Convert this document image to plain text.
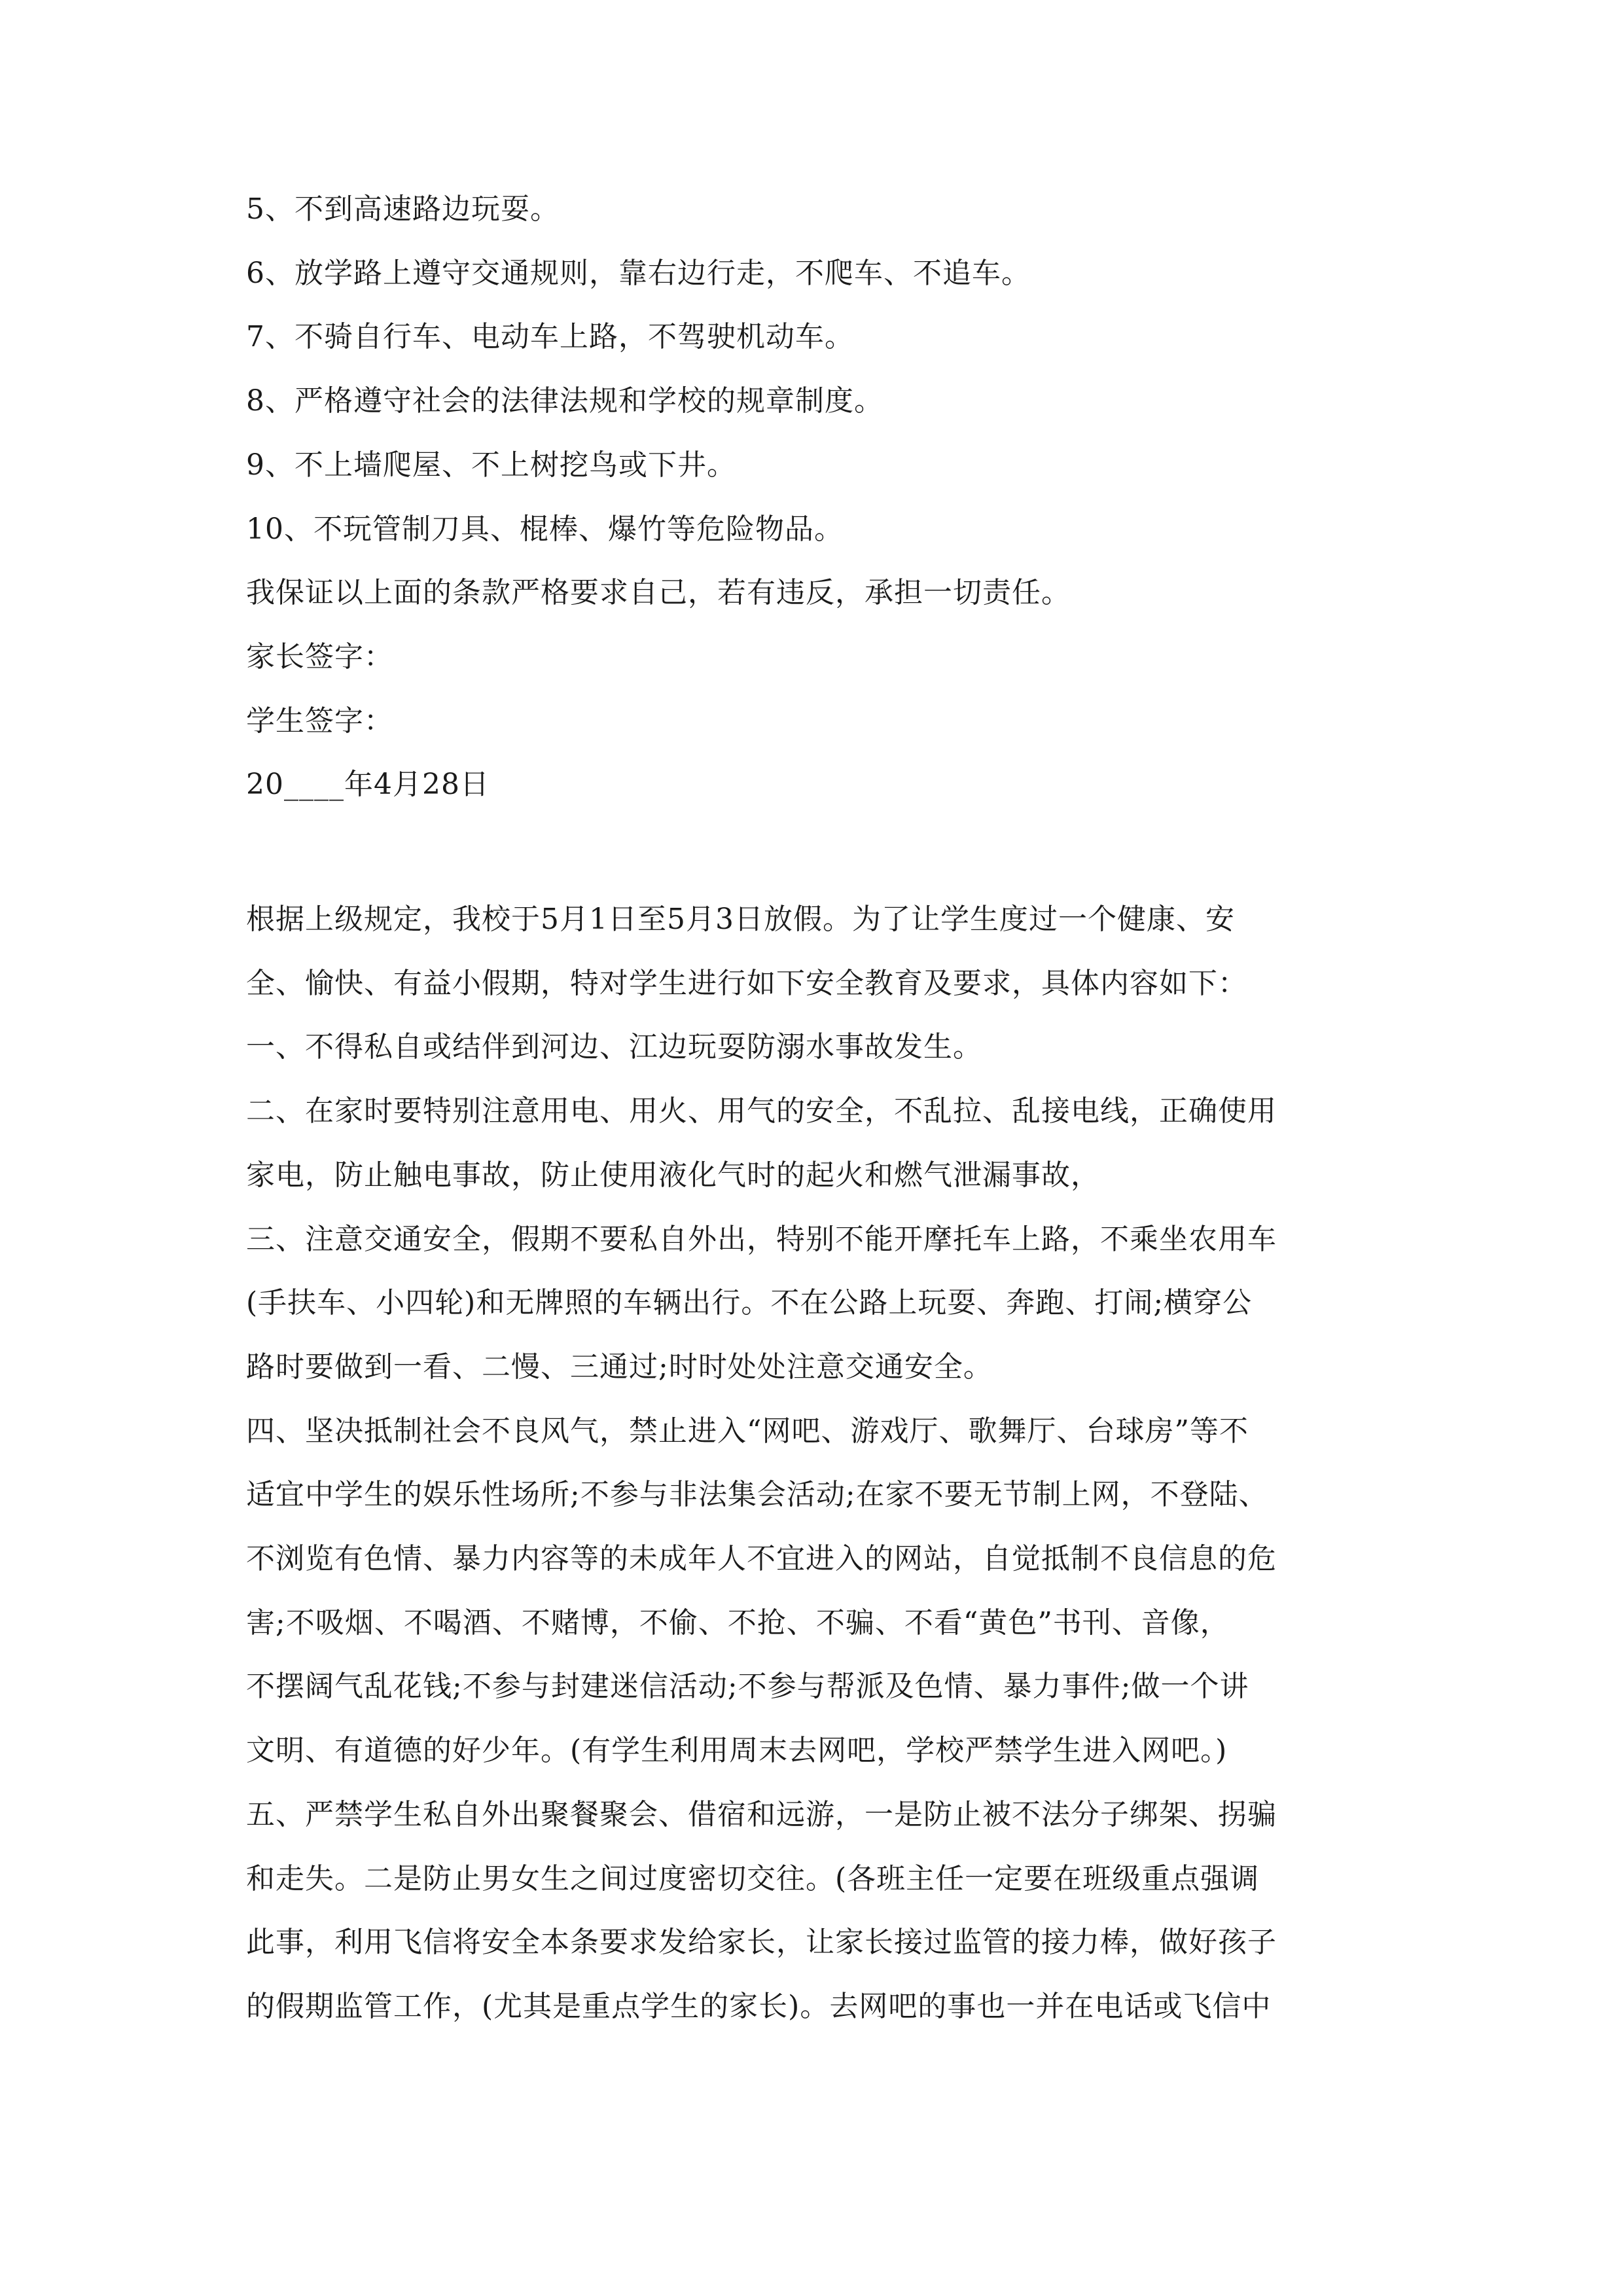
5、不到高速路边玩耍。
6、放学路上遵守交通规则，靠右边行走，不爬车、不追车。
7、不骑自行车、电动车上路，不驾驶机动车。
8、严格遵守社会的法律法规和学校的规章制度。
9、不上墙爬屋、不上树挖鸟或下井。
10、不玩管制刀具、棍棒、爆竹等危险物品。
我保证以上面的条款严格要求自己，若有违反，承担一切责任。
家长签字：
学生签字：
20____年4月28日
根据上级规定，我校于5月1日至5月3日放假。为了让学生度过一个健康、安
全、愉快、有益小假期，特对学生进行如下安全教育及要求，具体内容如下：
一、不得私自或结伴到河边、江边玩耍防溺水事故发生。
二、在家时要特别注意用电、用火、用气的安全，不乱拉、乱接电线，正确使用
家电，防止触电事故，防止使用液化气时的起火和燃气泄漏事故，
三、注意交通安全，假期不要私自外出，特别不能开摩托车上路，不乘坐农用车
(手扶车、小四轮)和无牌照的车辆出行。不在公路上玩耍、奔跑、打闹;横穿公
路时要做到一看、二慢、三通过;时时处处注意交通安全。
四、坚决抵制社会不良风气，禁止进入“网吧、游戏厅、歌舞厅、台球房”等不
适宜中学生的娱乐性场所;不参与非法集会活动;在家不要无节制上网，不登陆、
不浏览有色情、暴力内容等的未成年人不宜进入的网站，自觉抵制不良信息的危
害;不吸烟、不喝酒、不赌博，不偷、不抢、不骗、不看“黄色”书刊、音像，
不摆阔气乱花钱;不参与封建迷信活动;不参与帮派及色情、暴力事件;做一个讲
文明、有道德的好少年。(有学生利用周末去网吧，学校严禁学生进入网吧。)
五、严禁学生私自外出聚餐聚会、借宿和远游，一是防止被不法分子绑架、拐骗
和走失。二是防止男女生之间过度密切交往。(各班主任一定要在班级重点强调
此事，利用飞信将安全本条要求发给家长，让家长接过监管的接力棒，做好孩子
的假期监管工作，(尤其是重点学生的家长)。去网吧的事也一并在电话或飞信中
